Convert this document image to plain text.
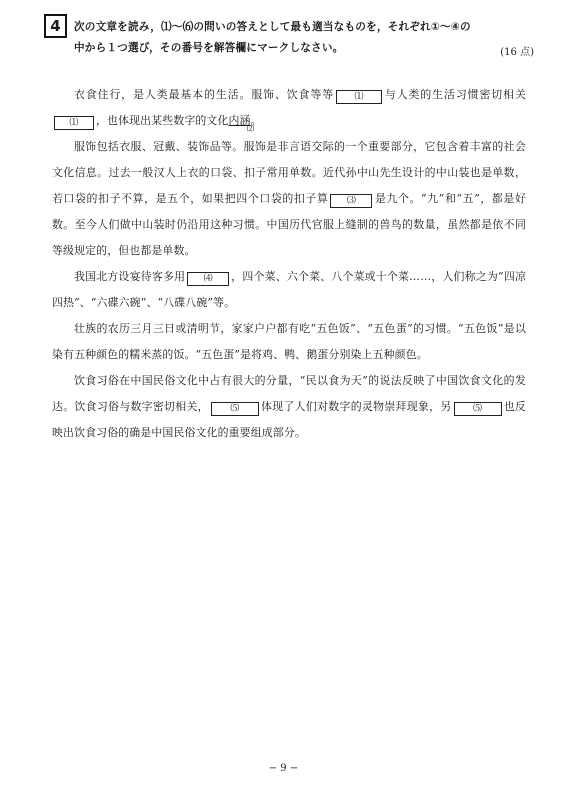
4	次の文章を読み，⑴〜⑹の問いの答えとして最も適当なものを，それぞれ①〜④の
中から１つ選び，その番号を解答欄にマークしなさい。	(16 点)

衣食住行，是人类最基本的生活。服饰、饮食等等 ⑴ 与人类的生活习惯密切相关⑴ ，也体现出某些数字的文化内涵
⑵
。

服饰包括衣服、冠戴、装饰品等。服饰是非言语交际的一个重要部分，它包含着丰富的社会文化信息。过去一般汉人上衣的口袋、扣子常用单数。近代孙中山先生设计的中山装也是单数，若口袋的扣子不算，是五个，如果把四个口袋的扣子算 ⑶ 是九个。“九”和“五”，都是好数。至今人们做中山装时仍沿用这种习惯。中国历代官服上缝制的兽鸟的数量，虽然都是依不同等级规定的，但也都是单数。

我国北方设宴待客多用 ⑷ ，四个菜、六个菜、八个菜或十个菜……，人们称之为“四凉四热”、“六碟六碗”、“八碟八碗”等。

壮族的农历三月三日或清明节，家家户户都有吃“五色饭”、“五色蛋”的习惯。“五色饭”是以染有五种颜色的糯米蒸的饭。“五色蛋”是将鸡、鸭、鹅蛋分别染上五种颜色。

饮食习俗在中国民俗文化中占有很大的分量，“民以食为天”的说法反映了中国饮食文化的发达。饮食习俗与数字密切相关， ⑸ 体现了人们对数字的灵物崇拜现象，另 ⑸ 也反映出饮食习俗的确是中国民俗文化的重要组成部分。

− 9 −
